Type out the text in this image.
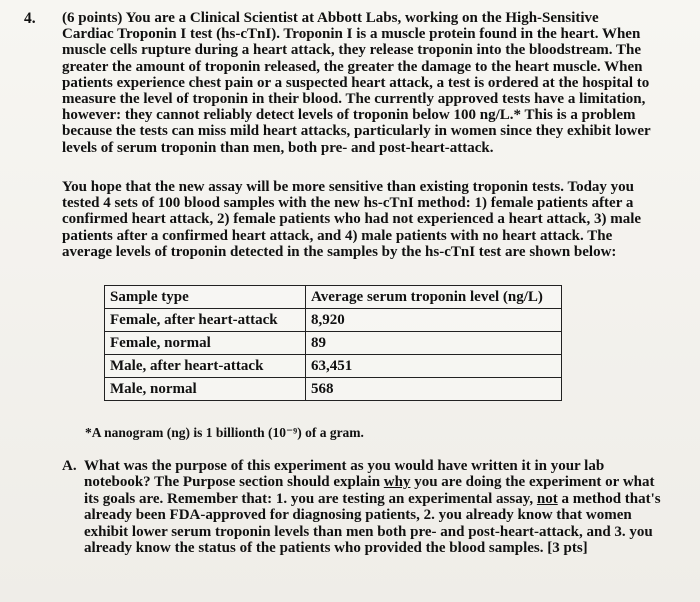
4. (6 points) You are a Clinical Scientist at Abbott Labs, working on the High-Sensitive Cardiac Troponin I test (hs-cTnI). Troponin I is a muscle protein found in the heart. When muscle cells rupture during a heart attack, they release troponin into the bloodstream. The greater the amount of troponin released, the greater the damage to the heart muscle. When patients experience chest pain or a suspected heart attack, a test is ordered at the hospital to measure the level of troponin in their blood. The currently approved tests have a limitation, however: they cannot reliably detect levels of troponin below 100 ng/L.* This is a problem because the tests can miss mild heart attacks, particularly in women since they exhibit lower levels of serum troponin than men, both pre- and post-heart-attack.

You hope that the new assay will be more sensitive than existing troponin tests. Today you tested 4 sets of 100 blood samples with the new hs-cTnI method: 1) female patients after a confirmed heart attack, 2) female patients who had not experienced a heart attack, 3) male patients after a confirmed heart attack, and 4) male patients with no heart attack. The average levels of troponin detected in the samples by the hs-cTnI test are shown below:

Sample type	Average serum troponin level (ng/L)
Female, after heart-attack	8,920
Female, normal	89
Male, after heart-attack	63,451
Male, normal	568
*A nanogram (ng) is 1 billionth (10⁻⁹) of a gram.
A. What was the purpose of this experiment as you would have written it in your lab notebook? The Purpose section should explain why you are doing the experiment or what its goals are. Remember that: 1. you are testing an experimental assay, not a method that's already been FDA-approved for diagnosing patients, 2. you already know that women exhibit lower serum troponin levels than men both pre- and post-heart-attack, and 3. you already know the status of the patients who provided the blood samples. [3 pts]
